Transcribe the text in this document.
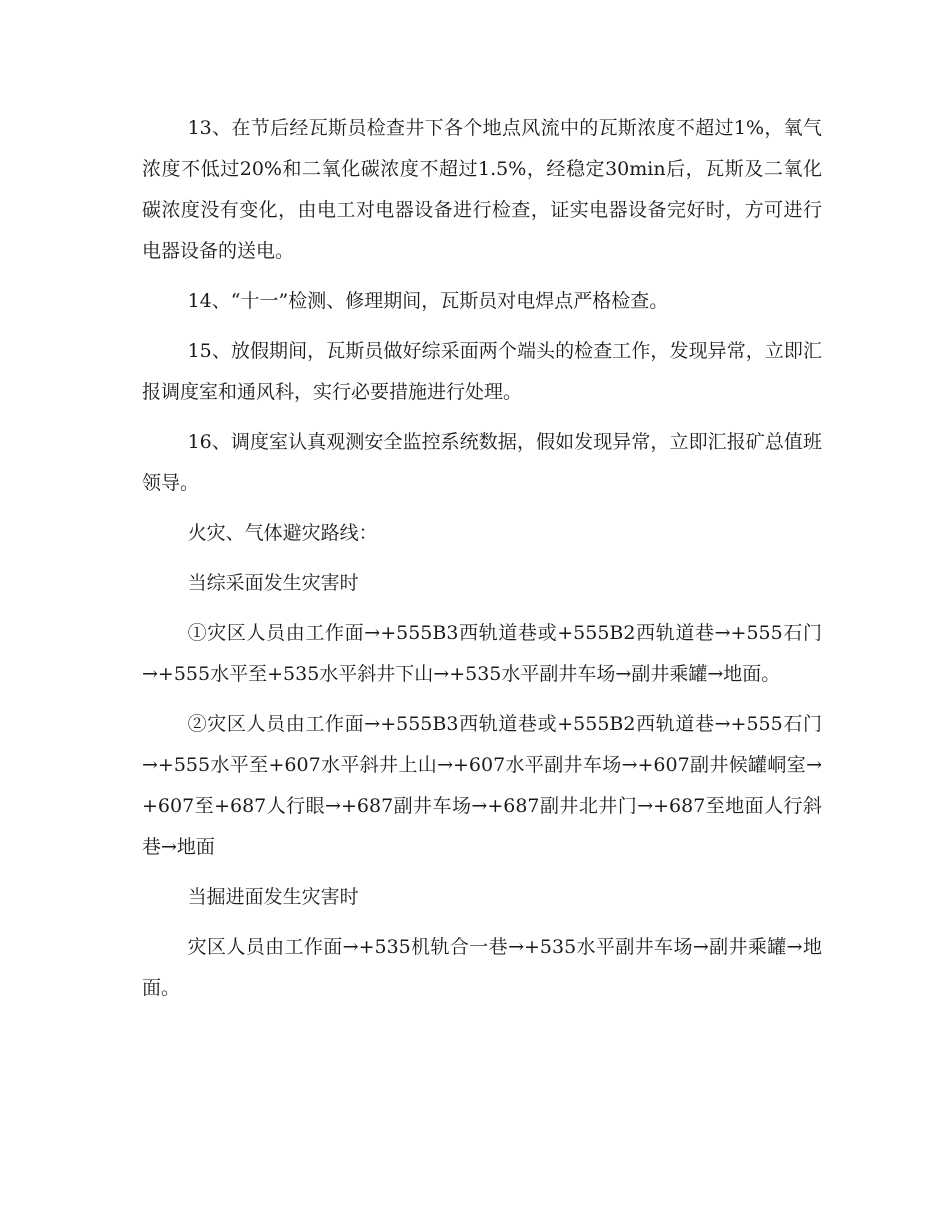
13、在节后经瓦斯员检查井下各个地点风流中的瓦斯浓度不超过1%，氧气浓度不低过20%和二氧化碳浓度不超过1.5%，经稳定30min后，瓦斯及二氧化碳浓度没有变化，由电工对电器设备进行检查，证实电器设备完好时，方可进行电器设备的送电。

14、“十一”检测、修理期间，瓦斯员对电焊点严格检查。

15、放假期间，瓦斯员做好综采面两个端头的检查工作，发现异常，立即汇报调度室和通风科，实行必要措施进行处理。

16、调度室认真观测安全监控系统数据，假如发现异常，立即汇报矿总值班领导。

火灾、气体避灾路线：

当综采面发生灾害时

①灾区人员由工作面→+555B3西轨道巷或+555B2西轨道巷→+555石门→+555水平至+535水平斜井下山→+535水平副井车场→副井乘罐→地面。

②灾区人员由工作面→+555B3西轨道巷或+555B2西轨道巷→+555石门→+555水平至+607水平斜井上山→+607水平副井车场→+607副井候罐峒室→+607至+687人行眼→+687副井车场→+687副井北井门→+687至地面人行斜巷→地面

当掘进面发生灾害时

灾区人员由工作面→+535机轨合一巷→+535水平副井车场→副井乘罐→地面。
